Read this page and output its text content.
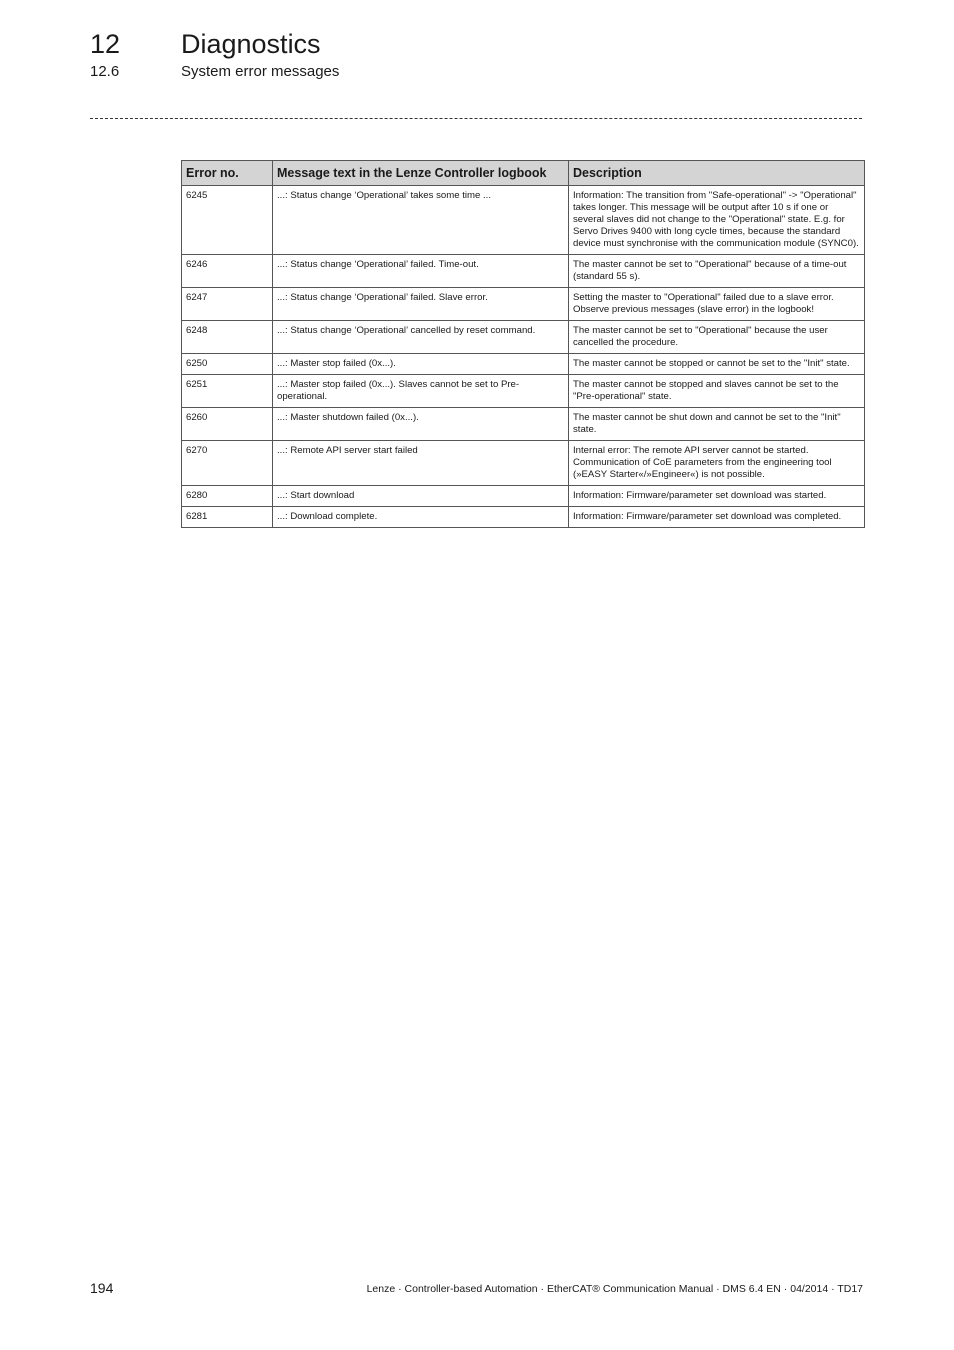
12 Diagnostics
12.6	System error messages
Error no.	Message text in the Lenze Controller logbook	Description
6245	...: Status change ‘Operational’ takes some time ...	Information: The transition from "Safe-operational" -> "Operational" takes longer. This message will be output after 10 s if one or several slaves did not change to the "Operational" state. E.g. for Servo Drives 9400 with long cycle times, because the standard device must synchronise with the communication module (SYNC0).
6246	...: Status change ‘Operational’ failed. Time-out.	The master cannot be set to "Operational" because of a time-out (standard 55 s).
6247	...: Status change ‘Operational’ failed. Slave error.	Setting the master to "Operational" failed due to a slave error. Observe previous messages (slave error) in the logbook!
6248	...: Status change ‘Operational’ cancelled by reset command.	The master cannot be set to "Operational" because the user cancelled the procedure.
6250	...: Master stop failed (0x...).	The master cannot be stopped or cannot be set to the "Init" state.
6251	...: Master stop failed (0x...). Slaves cannot be set to Pre-operational.	The master cannot be stopped and slaves cannot be set to the "Pre-operational" state.
6260	...: Master shutdown failed (0x...).	The master cannot be shut down and cannot be set to the "Init" state.
6270	...: Remote API server start failed	Internal error: The remote API server cannot be started. Communication of CoE parameters from the engineering tool (»EASY Starter«/»Engineer«) is not possible.
6280	...: Start download	Information: Firmware/parameter set download was started.
6281	...: Download complete.	Information: Firmware/parameter set download was completed.
194	Lenze · Controller-based Automation · EtherCAT® Communication Manual · DMS 6.4 EN · 04/2014 · TD17
